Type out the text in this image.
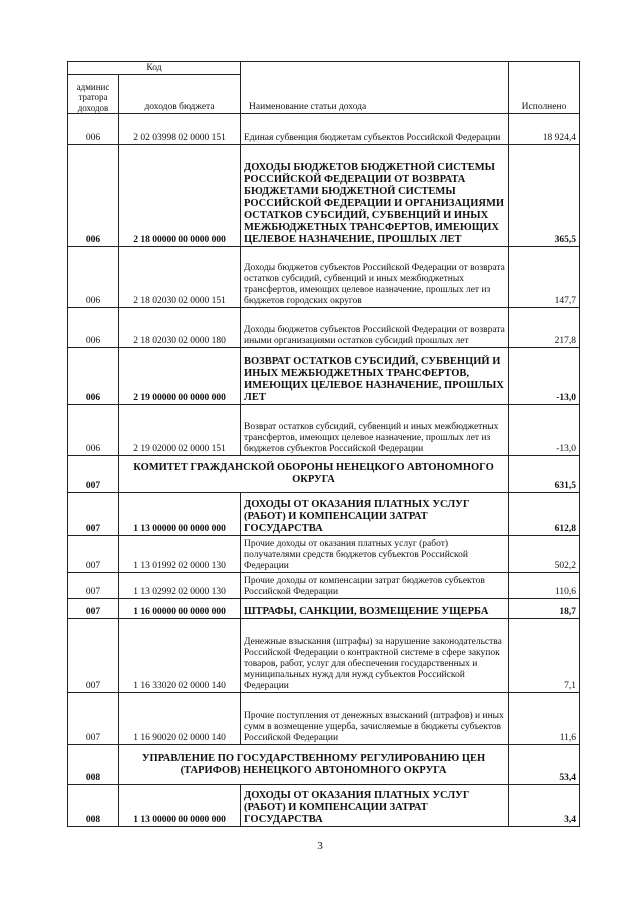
Код		Наименование статьи дохода	Исполнено
админис тратора доходов	доходов бюджета		
006	2 02 03998 02 0000 151	Единая субвенция бюджетам субъектов Российской Федерации	18 924,4
006	2 18 00000 00 0000 000	ДОХОДЫ БЮДЖЕТОВ БЮДЖЕТНОЙ СИСТЕМЫ РОССИЙСКОЙ ФЕДЕРАЦИИ ОТ ВОЗВРАТА БЮДЖЕТАМИ БЮДЖЕТНОЙ СИСТЕМЫ РОССИЙСКОЙ ФЕДЕРАЦИИ И ОРГАНИЗАЦИЯМИ ОСТАТКОВ СУБСИДИЙ, СУБВЕНЦИЙ И ИНЫХ МЕЖБЮДЖЕТНЫХ ТРАНСФЕРТОВ, ИМЕЮЩИХ ЦЕЛЕВОЕ НАЗНАЧЕНИЕ, ПРОШЛЫХ ЛЕТ	365,5
006	2 18 02030 02 0000 151	Доходы бюджетов субъектов Российской Федерации от возврата остатков субсидий, субвенций и иных межбюджетных трансфертов, имеющих целевое назначение, прошлых лет из бюджетов городских округов	147,7
006	2 18 02030 02 0000 180	Доходы бюджетов субъектов Российской Федерации от возврата иными организациями остатков субсидий прошлых лет	217,8
006	2 19 00000 00 0000 000	ВОЗВРАТ ОСТАТКОВ СУБСИДИЙ, СУБВЕНЦИЙ И ИНЫХ МЕЖБЮДЖЕТНЫХ ТРАНСФЕРТОВ, ИМЕЮЩИХ ЦЕЛЕВОЕ НАЗНАЧЕНИЕ, ПРОШЛЫХ ЛЕТ	-13,0
006	2 19 02000 02 0000 151	Возврат остатков субсидий, субвенций и иных межбюджетных трансфертов, имеющих целевое назначение, прошлых лет из бюджетов субъектов Российской Федерации	-13,0
007	КОМИТЕТ ГРАЖДАНСКОЙ ОБОРОНЫ НЕНЕЦКОГО АВТОНОМНОГО ОКРУГА		631,5
007	1 13 00000 00 0000 000	ДОХОДЫ ОТ ОКАЗАНИЯ ПЛАТНЫХ УСЛУГ (РАБОТ) И КОМПЕНСАЦИИ ЗАТРАТ ГОСУДАРСТВА	612,8
007	1 13 01992 02 0000 130	Прочие доходы от оказания платных услуг (работ) получателями средств бюджетов субъектов Российской Федерации	502,2
007	1 13 02992 02 0000 130	Прочие доходы от компенсации затрат бюджетов субъектов Российской Федерации	110,6
007	1 16 00000 00 0000 000	ШТРАФЫ, САНКЦИИ, ВОЗМЕЩЕНИЕ УЩЕРБА	18,7
007	1 16 33020 02 0000 140	Денежные взыскания (штрафы) за нарушение законодательства Российской Федерации о контрактной системе в сфере закупок товаров, работ, услуг для обеспечения государственных и муниципальных нужд для нужд субъектов Российской Федерации	7,1
007	1 16 90020 02 0000 140	Прочие поступления от денежных взысканий (штрафов) и иных сумм в возмещение ущерба, зачисляемые в бюджеты субъектов Российской Федерации	11,6
008	УПРАВЛЕНИЕ ПО ГОСУДАРСТВЕННОМУ РЕГУЛИРОВАНИЮ ЦЕН (ТАРИФОВ) НЕНЕЦКОГО АВТОНОМНОГО ОКРУГА		53,4
008	1 13 00000 00 0000 000	ДОХОДЫ ОТ ОКАЗАНИЯ ПЛАТНЫХ УСЛУГ (РАБОТ) И КОМПЕНСАЦИИ ЗАТРАТ ГОСУДАРСТВА	3,4
3
